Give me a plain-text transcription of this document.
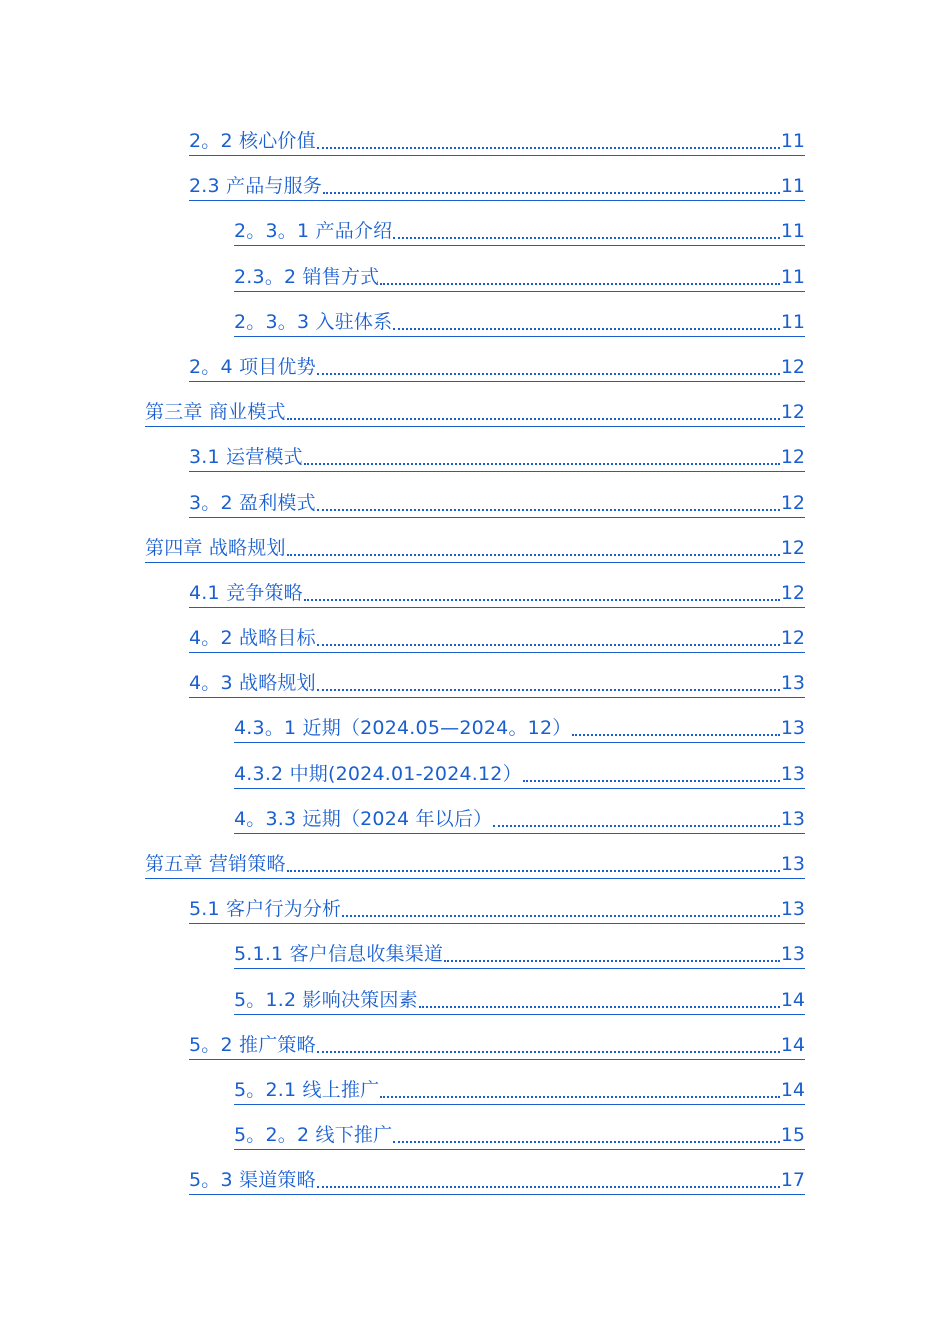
2。2 核心价值	11
2.3 产品与服务	11
2。3。1 产品介绍	11
2.3。2 销售方式	11
2。3。3 入驻体系	11
2。4 项目优势	12
第三章 商业模式	12
3.1 运营模式	12
3。2 盈利模式	12
第四章 战略规划	12
4.1 竞争策略	12
4。2 战略目标	12
4。3 战略规划	13
4.3。1 近期（2024.05—2024。12）	13
4.3.2 中期(2024.01-2024.12）	13
4。3.3 远期（2024 年以后）	13
第五章 营销策略	13
5.1 客户行为分析	13
5.1.1 客户信息收集渠道	13
5。1.2 影响决策因素	14
5。2 推广策略	14
5。2.1 线上推广	14
5。2。2 线下推广	15
5。3 渠道策略	17
